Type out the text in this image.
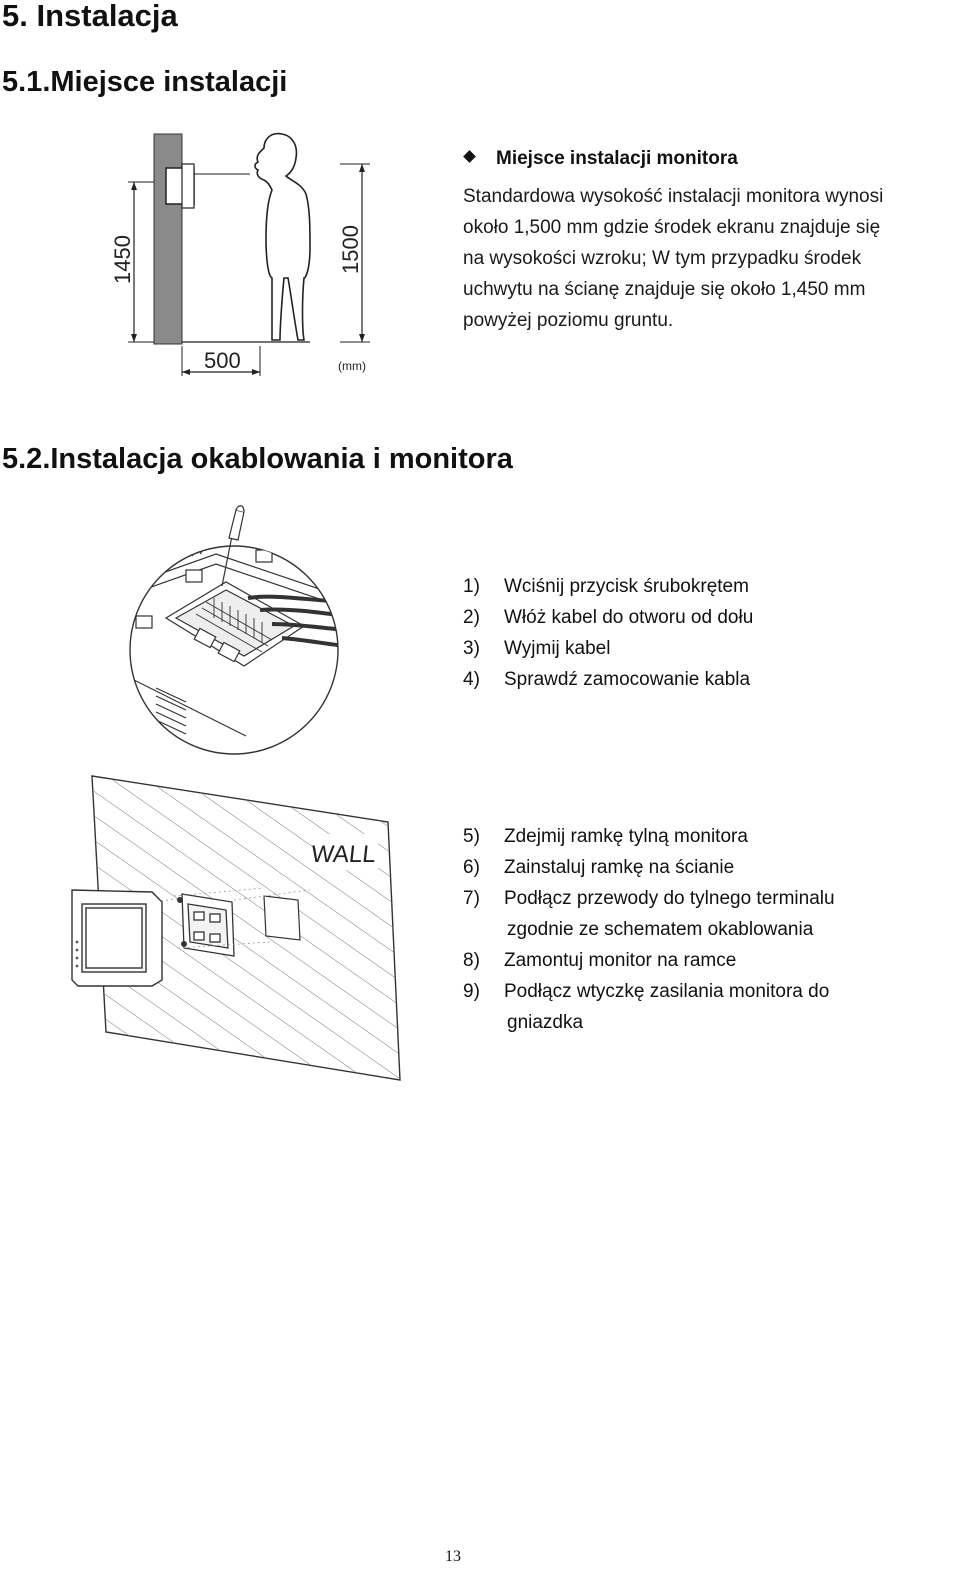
5. Instalacja
5.1.Miejsce instalacji
1450	1500
500	(mm)
Miejsce instalacji monitora
Standardowa wysokość instalacji monitora wynosi
około 1,500 mm gdzie środek ekranu znajduje się
na wysokości wzroku; W tym przypadku środek
uchwytu na ścianę znajduje się około 1,450 mm
powyżej poziomu gruntu.
5.2.Instalacja okablowania i monitora
1) Wciśnij przycisk śrubokrętem
2) Włóż kabel do otworu od dołu
3) Wyjmij kabel
4) Sprawdź zamocowanie kabla
WALL
5) Zdejmij ramkę tylną monitora
6) Zainstaluj ramkę na ścianie
7) Podłącz przewody do tylnego terminalu
zgodnie ze schematem okablowania
8) Zamontuj monitor na ramce
9) Podłącz wtyczkę zasilania monitora do
gniazdka
13
